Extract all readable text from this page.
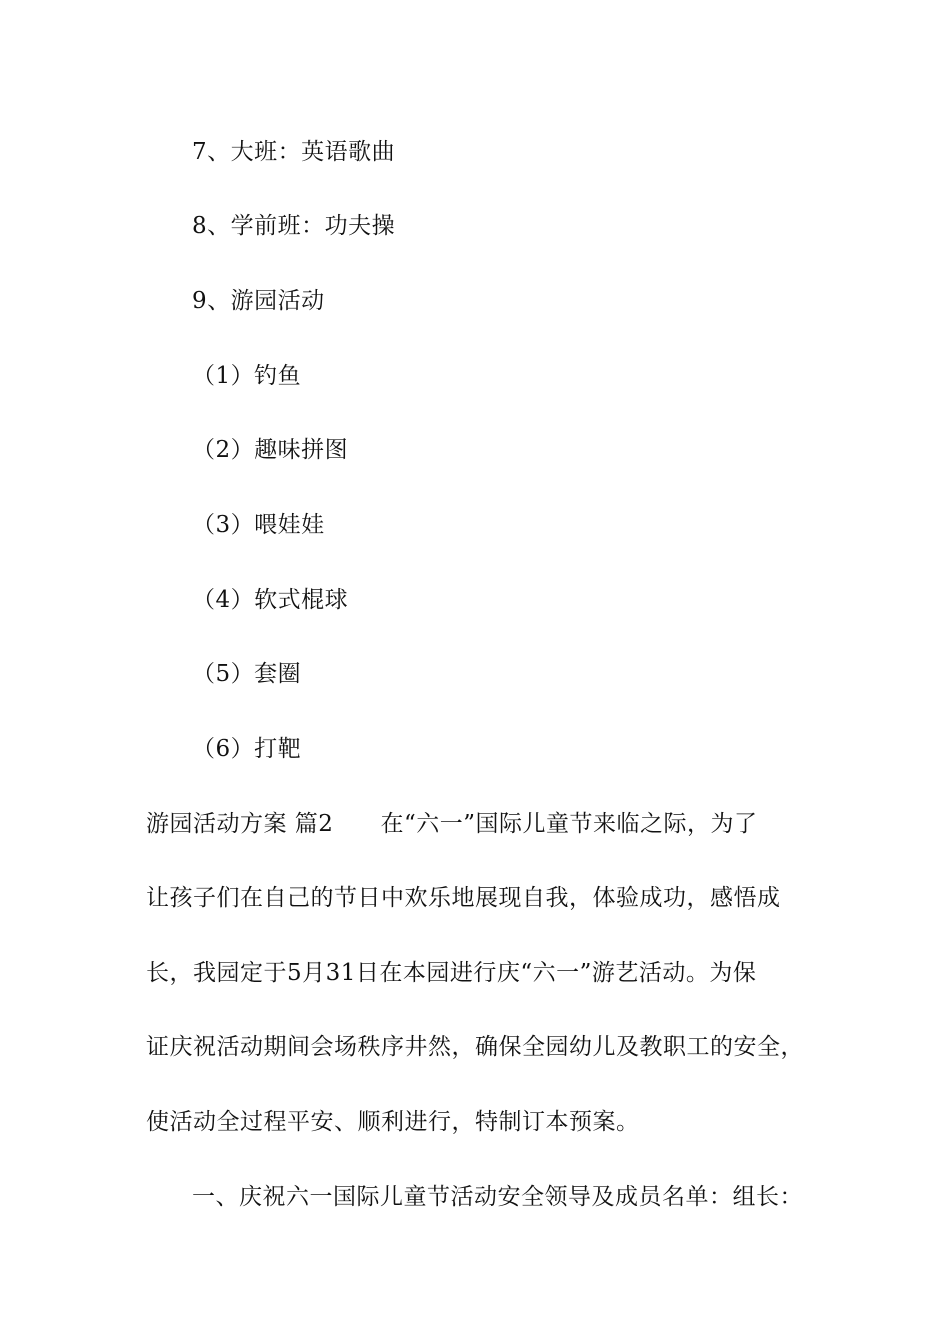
7、大班：英语歌曲
8、学前班：功夫操
9、游园活动
（1）钓鱼
（2）趣味拼图
（3）喂娃娃
（4）软式棍球
（5）套圈
（6）打靶
游园活动方案 篇2　　在“六一”国际儿童节来临之际，为了
让孩子们在自己的节日中欢乐地展现自我，体验成功，感悟成
长，我园定于5月31日在本园进行庆“六一”游艺活动。为保
证庆祝活动期间会场秩序井然，确保全园幼儿及教职工的安全，
使活动全过程平安、顺利进行，特制订本预案。
一、庆祝六一国际儿童节活动安全领导及成员名单：组长：
